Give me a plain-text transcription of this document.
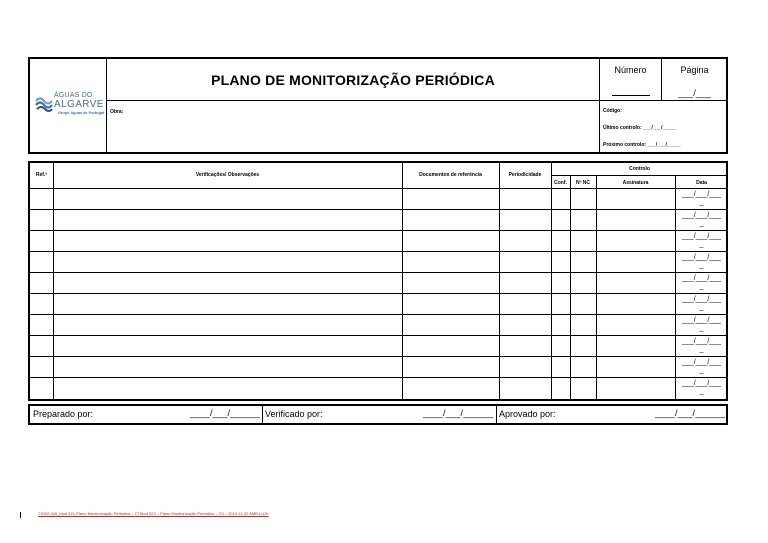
ÁGUAS DO
ALGARVE
Grupo Águas de Portugal
PLANO DE MONITORIZAÇÃO PERIÓDICA
Obra:
Número	Página
___/___
Código:
Último controlo: ___/___/_____
Próximo controlo: ___/___/_____
Ref.ª	Verificações/ Observações	Documentos de referência	Periodicidade
Controlo
Conf.	Nº NC	Assinatura	Data
___/___/___
_
___/___/___
_
___/___/___
_
___/___/___
_
___/___/___
_
___/___/___
_
___/___/___
_
___/___/___
_
___/___/___
_
___/___/___
_
Preparado por:	____/___/______ Verificado por:	____/___/______ Aprovado por:	____/___/______
73002-345_Mod 521-Plano Monitorização Periódica – CTMod 023 – Plano Monitorização Periódica – C5 – 2013-11-22 AMB-LUJh
